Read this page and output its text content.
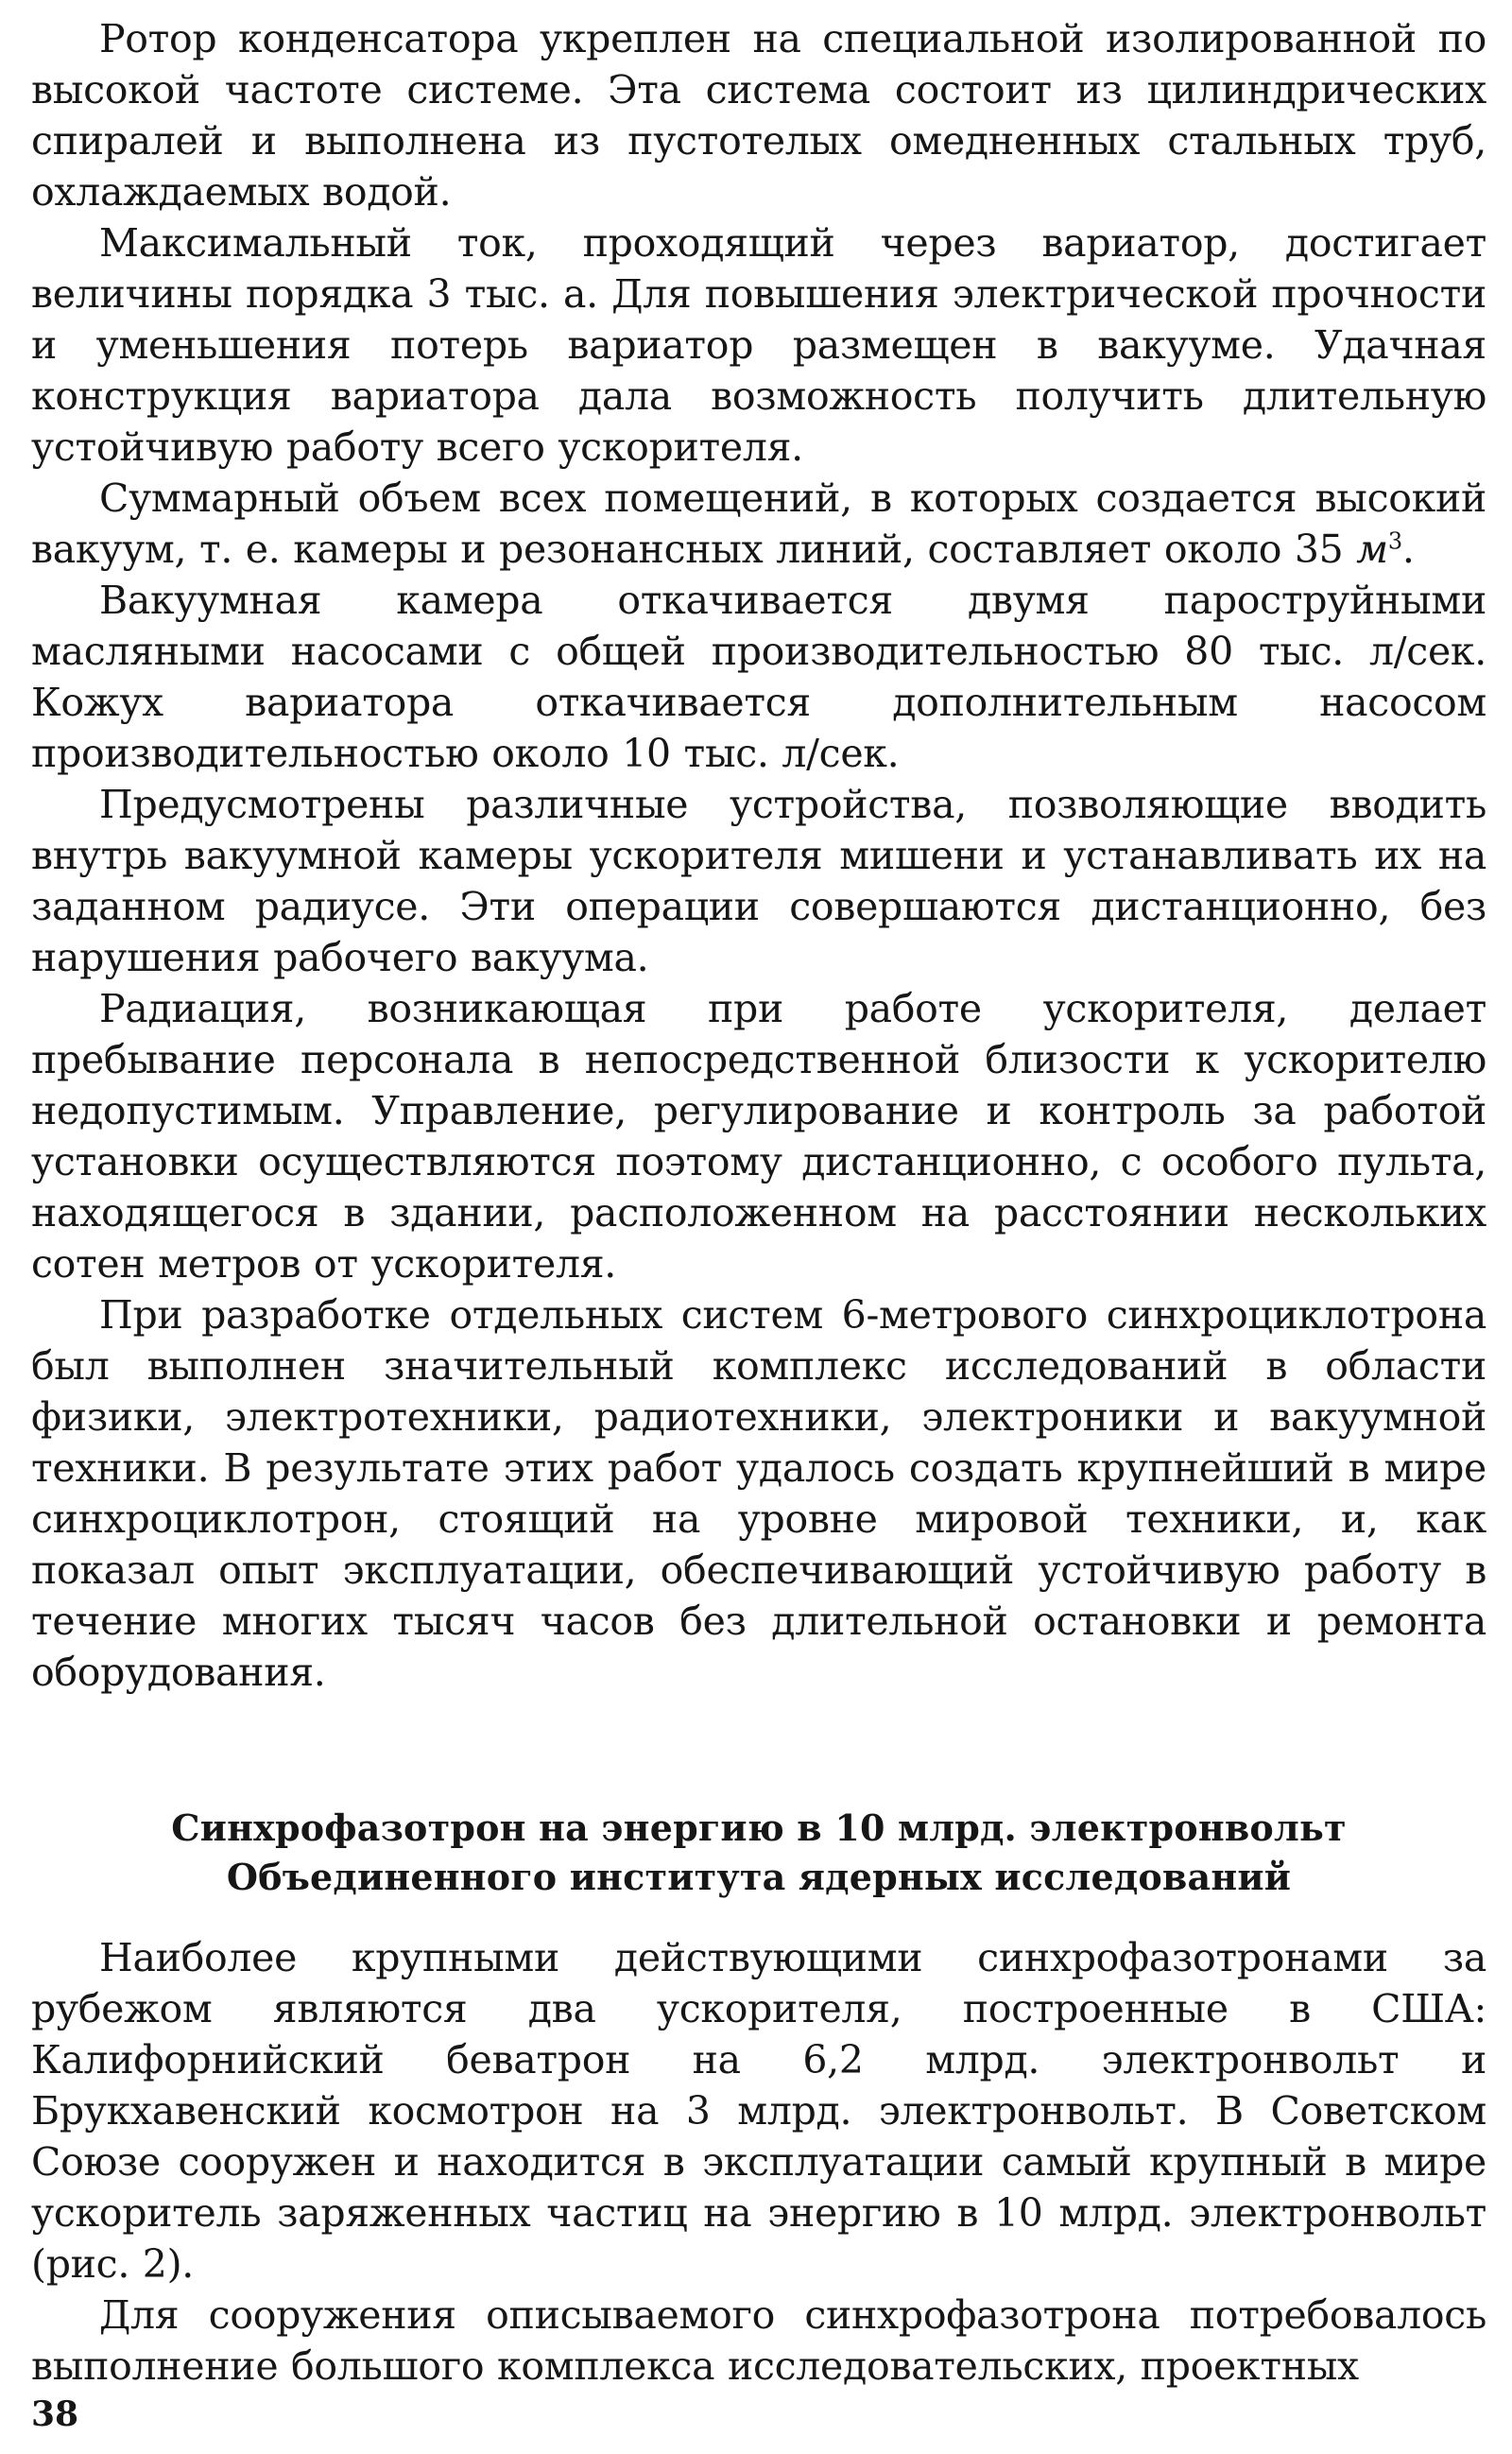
Ротор конденсатора укреплен на специальной изолированной по высокой частоте системе. Эта система состоит из цилиндрических спиралей и выполнена из пустотелых омедненных стальных труб, охлаждаемых водой.

Максимальный ток, проходящий через вариатор, достигает величины порядка 3 тыс. а. Для повышения электрической прочности и уменьшения потерь вариатор размещен в вакууме. Удачная конструкция вариатора дала возможность получить длительную устойчивую работу всего ускорителя.

Суммарный объем всех помещений, в которых создается высокий вакуум, т. е. камеры и резонансных линий, составляет около 35 $м^3$.

Вакуумная камера откачивается двумя пароструйными масляными насосами с общей производительностью 80 тыс. л/сек. Кожух вариатора откачивается дополнительным насосом производительностью около 10 тыс. л/сек.

Предусмотрены различные устройства, позволяющие вводить внутрь вакуумной камеры ускорителя мишени и устанавливать их на заданном радиусе. Эти операции совершаются дистанционно, без нарушения рабочего вакуума.

Радиация, возникающая при работе ускорителя, делает пребывание персонала в непосредственной близости к ускорителю недопустимым. Управление, регулирование и контроль за работой установки осуществляются поэтому дистанционно, с особого пульта, находящегося в здании, расположенном на расстоянии нескольких сотен метров от ускорителя.

При разработке отдельных систем 6-метрового синхроциклотрона был выполнен значительный комплекс исследований в области физики, электротехники, радиотехники, электроники и вакуумной техники. В результате этих работ удалось создать крупнейший в мире синхроциклотрон, стоящий на уровне мировой техники, и, как показал опыт эксплуатации, обеспечивающий устойчивую работу в течение многих тысяч часов без длительной остановки и ремонта оборудования.

Синхрофазотрон на энергию в 10 млрд. электронвольт
Объединенного института ядерных исследований

Наиболее крупными действующими синхрофазотронами за рубежом являются два ускорителя, построенные в США: Калифорнийский беватрон на 6,2 млрд. электронвольт и Брукхавенский космотрон на 3 млрд. электронвольт. В Советском Союзе сооружен и находится в эксплуатации самый крупный в мире ускоритель заряженных частиц на энергию в 10 млрд. электронвольт (рис. 2).

Для сооружения описываемого синхрофазотрона потребовалось выполнение большого комплекса исследовательских, проектных

38
